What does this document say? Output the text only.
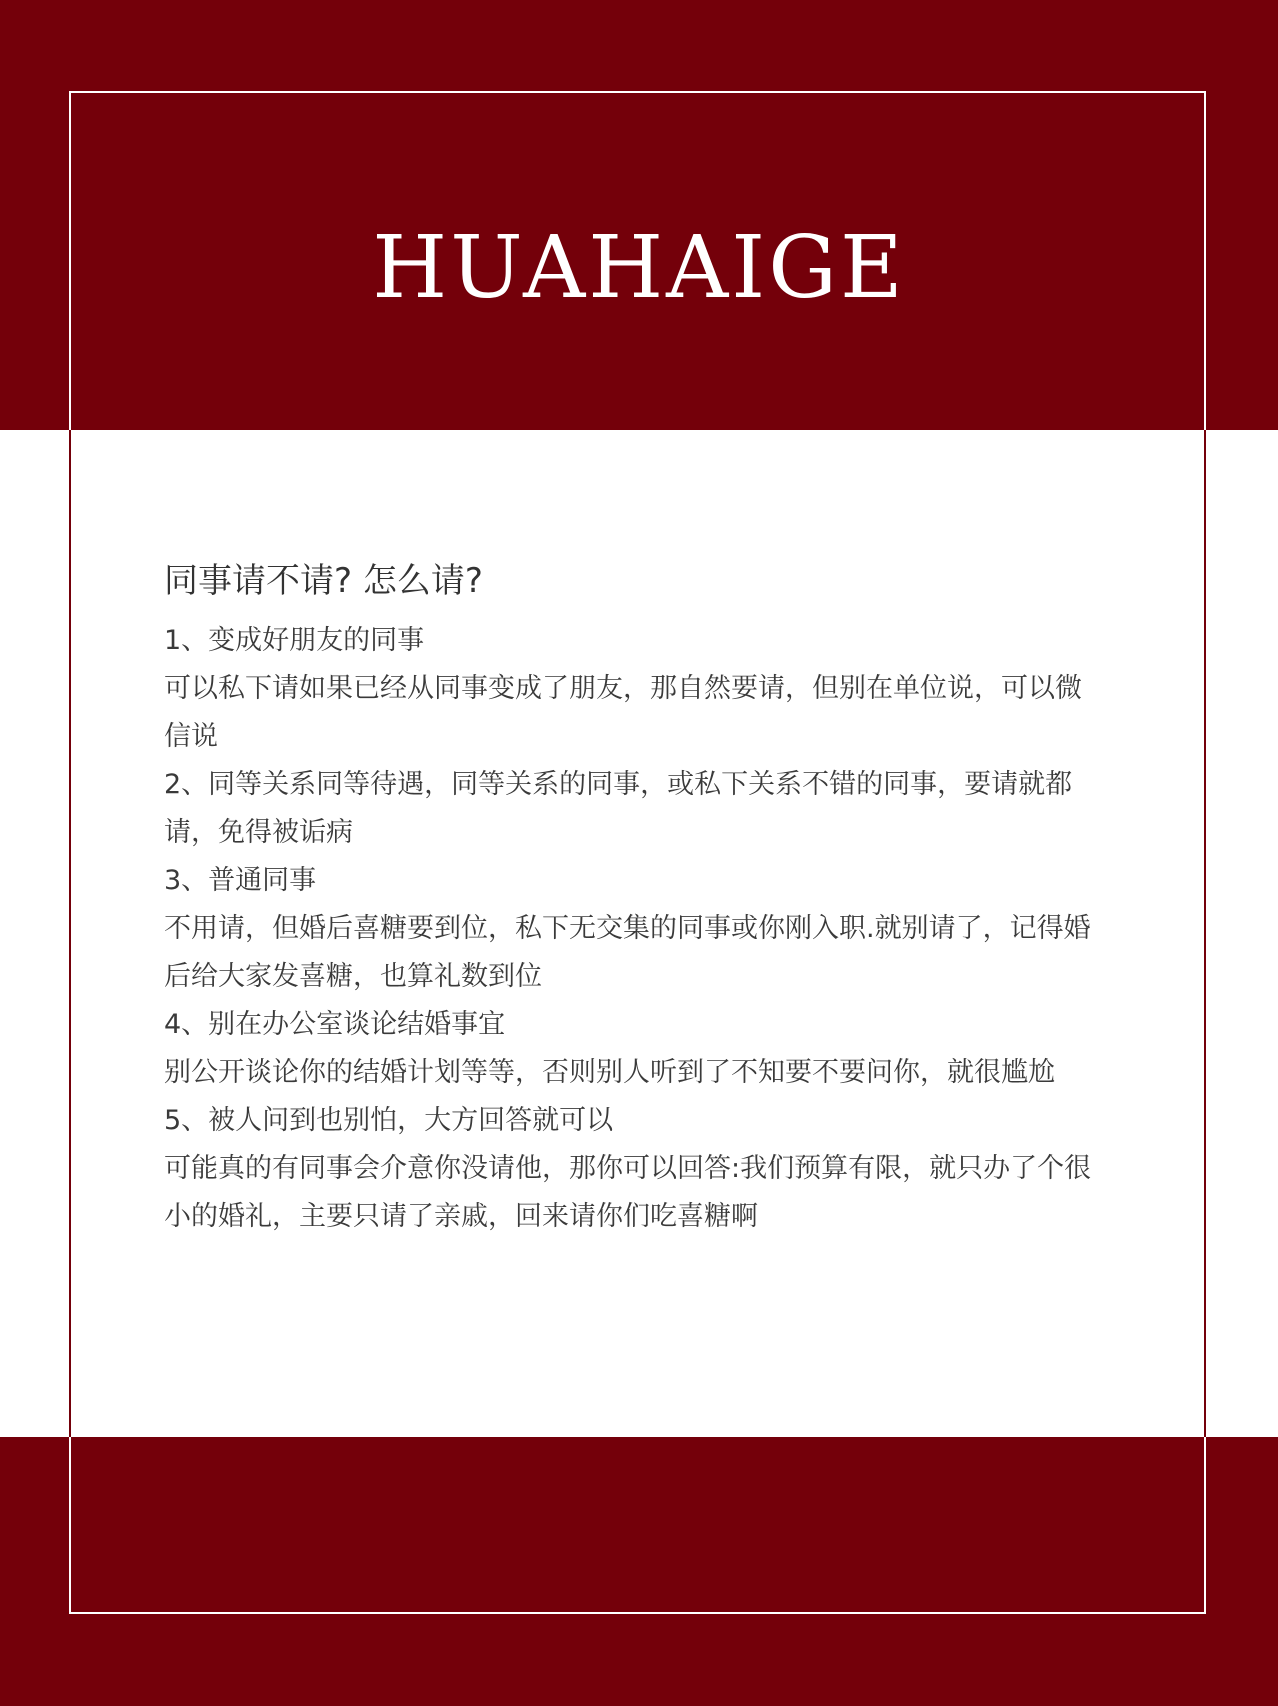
HUAHAIGE
同事请不请? 怎么请?

1、变成好朋友的同事

可以私下请如果已经从同事变成了朋友，那自然要请，但别在单位说，可以微信说

2、同等关系同等待遇，同等关系的同事，或私下关系不错的同事，要请就都请，免得被诟病

3、普通同事

不用请，但婚后喜糖要到位，私下无交集的同事或你刚入职.就别请了，记得婚后给大家发喜糖，也算礼数到位

4、别在办公室谈论结婚事宜

别公开谈论你的结婚计划等等，否则别人听到了不知要不要问你，就很尴尬

5、被人问到也别怕，大方回答就可以

可能真的有同事会介意你没请他，那你可以回答:我们预算有限，就只办了个很小的婚礼，主要只请了亲戚，回来请你们吃喜糖啊
